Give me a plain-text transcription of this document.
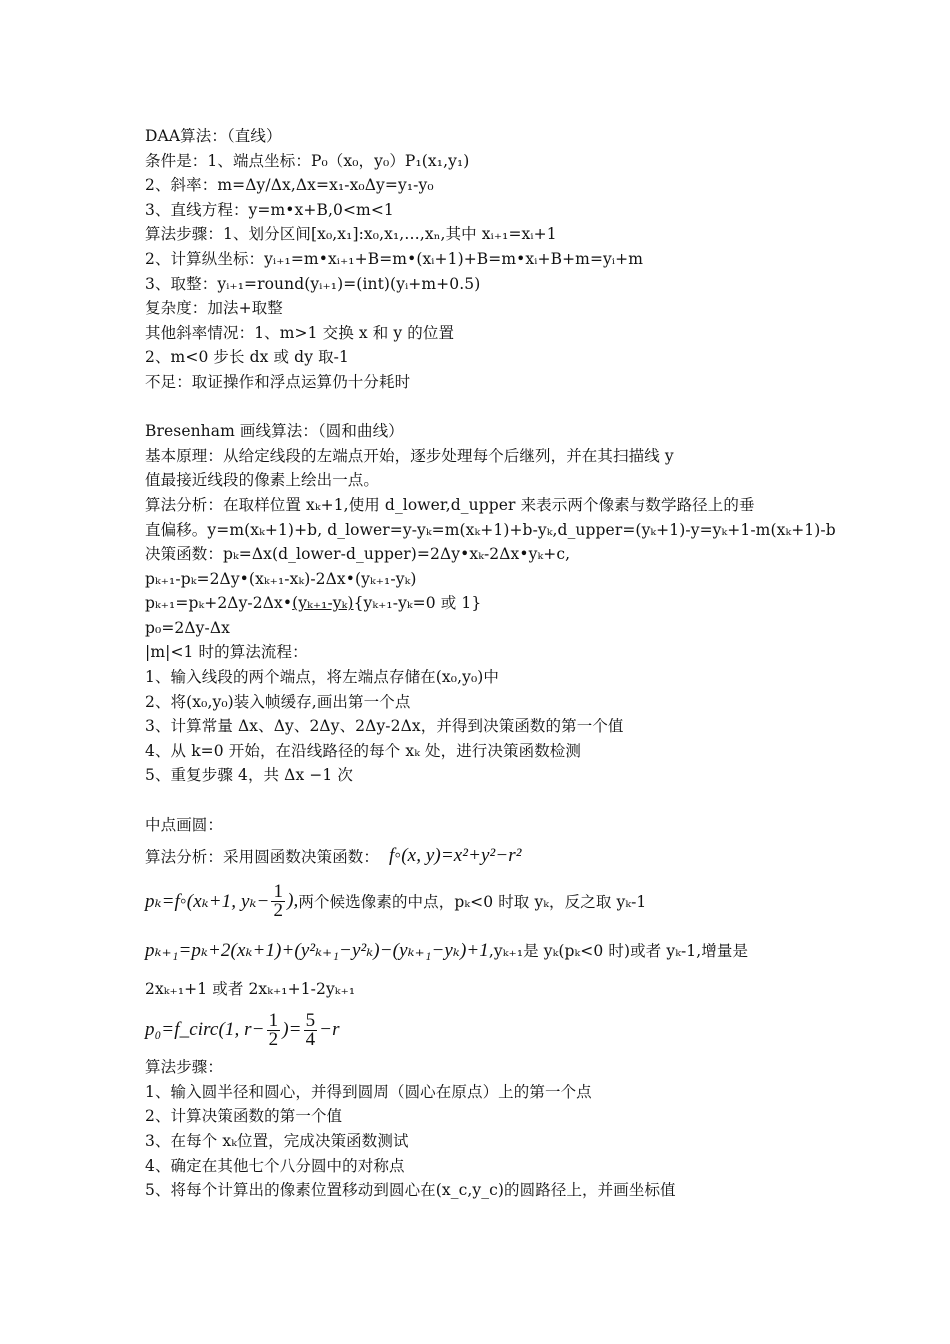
DAA算法：（直线）
条件是：1、端点坐标：P₀（x₀，y₀）P₁(x₁,y₁)
2、斜率：m=Δy/Δx,Δx=x₁-x₀Δy=y₁-y₀
3、直线方程：y=m•x+B,0<m<1
算法步骤：1、划分区间[x₀,x₁]:x₀,x₁,…,xₙ,其中 xᵢ₊₁=xᵢ+1
2、计算纵坐标：yᵢ₊₁=m•xᵢ₊₁+B=m•(xᵢ+1)+B=m•xᵢ+B+m=yᵢ+m
3、取整：yᵢ₊₁=round(yᵢ₊₁)=(int)(yᵢ+m+0.5)
复杂度：加法+取整
其他斜率情况：1、m>1 交换 x 和 y 的位置
2、m<0 步长 dx 或 dy 取-1
不足：取证操作和浮点运算仍十分耗时
Bresenham 画线算法：（圆和曲线）
基本原理：从给定线段的左端点开始，逐步处理每个后继列，并在其扫描线 y
值最接近线段的像素上绘出一点。
算法分析：在取样位置 xₖ+1,使用 d_lower,d_upper 来表示两个像素与数学路径上的垂
直偏移。y=m(xₖ+1)+b, d_lower=y-yₖ=m(xₖ+1)+b-yₖ,d_upper=(yₖ+1)-y=yₖ+1-m(xₖ+1)-b
决策函数：pₖ=Δx(d_lower-d_upper)=2Δy•xₖ-2Δx•yₖ+c,
pₖ₊₁-pₖ=2Δy•(xₖ₊₁-xₖ)-2Δx•(yₖ₊₁-yₖ)
pₖ₊₁=pₖ+2Δy-2Δx•(yₖ₊₁-yₖ){yₖ₊₁-yₖ=0 或 1}
p₀=2Δy-Δx
|m|<1 时的算法流程：
1、输入线段的两个端点，将左端点存储在(x₀,y₀)中
2、将(x₀,y₀)装入帧缓存,画出第一个点
3、计算常量 Δx、Δy、2Δy、2Δy-2Δx，并得到决策函数的第一个值
4、从 k=0 开始，在沿线路径的每个 xₖ 处，进行决策函数检测
5、重复步骤 4，共 Δx −1 次
中点画圆：
算法分析：采用圆函数决策函数： f◦(x, y)=x²+y²−r²
pₖ=f◦(xₖ+1, $y_k- \frac{1}{2}$ ), 两个候选像素的中点，pₖ<0 时取 yₖ，反之取 yₖ-1
pₖ₊₁=pₖ+2(xₖ+1)+(y²ₖ₊₁−y²ₖ)−(yₖ₊₁−yₖ)+1 ,yₖ₊₁是 yₖ(pₖ<0 时)或者 yₖ-1,增量是
2xₖ₊₁+1 或者 2xₖ₊₁+1-2yₖ₊₁
p₀=f_circ(1, $r- \frac{1}{2}$ )= $\frac{5}{4} -r$
算法步骤：
1、输入圆半径和圆心，并得到圆周（圆心在原点）上的第一个点
2、计算决策函数的第一个值
3、在每个 xₖ位置，完成决策函数测试
4、确定在其他七个八分圆中的对称点
5、将每个计算出的像素位置移动到圆心在(x_c,y_c)的圆路径上，并画坐标值
